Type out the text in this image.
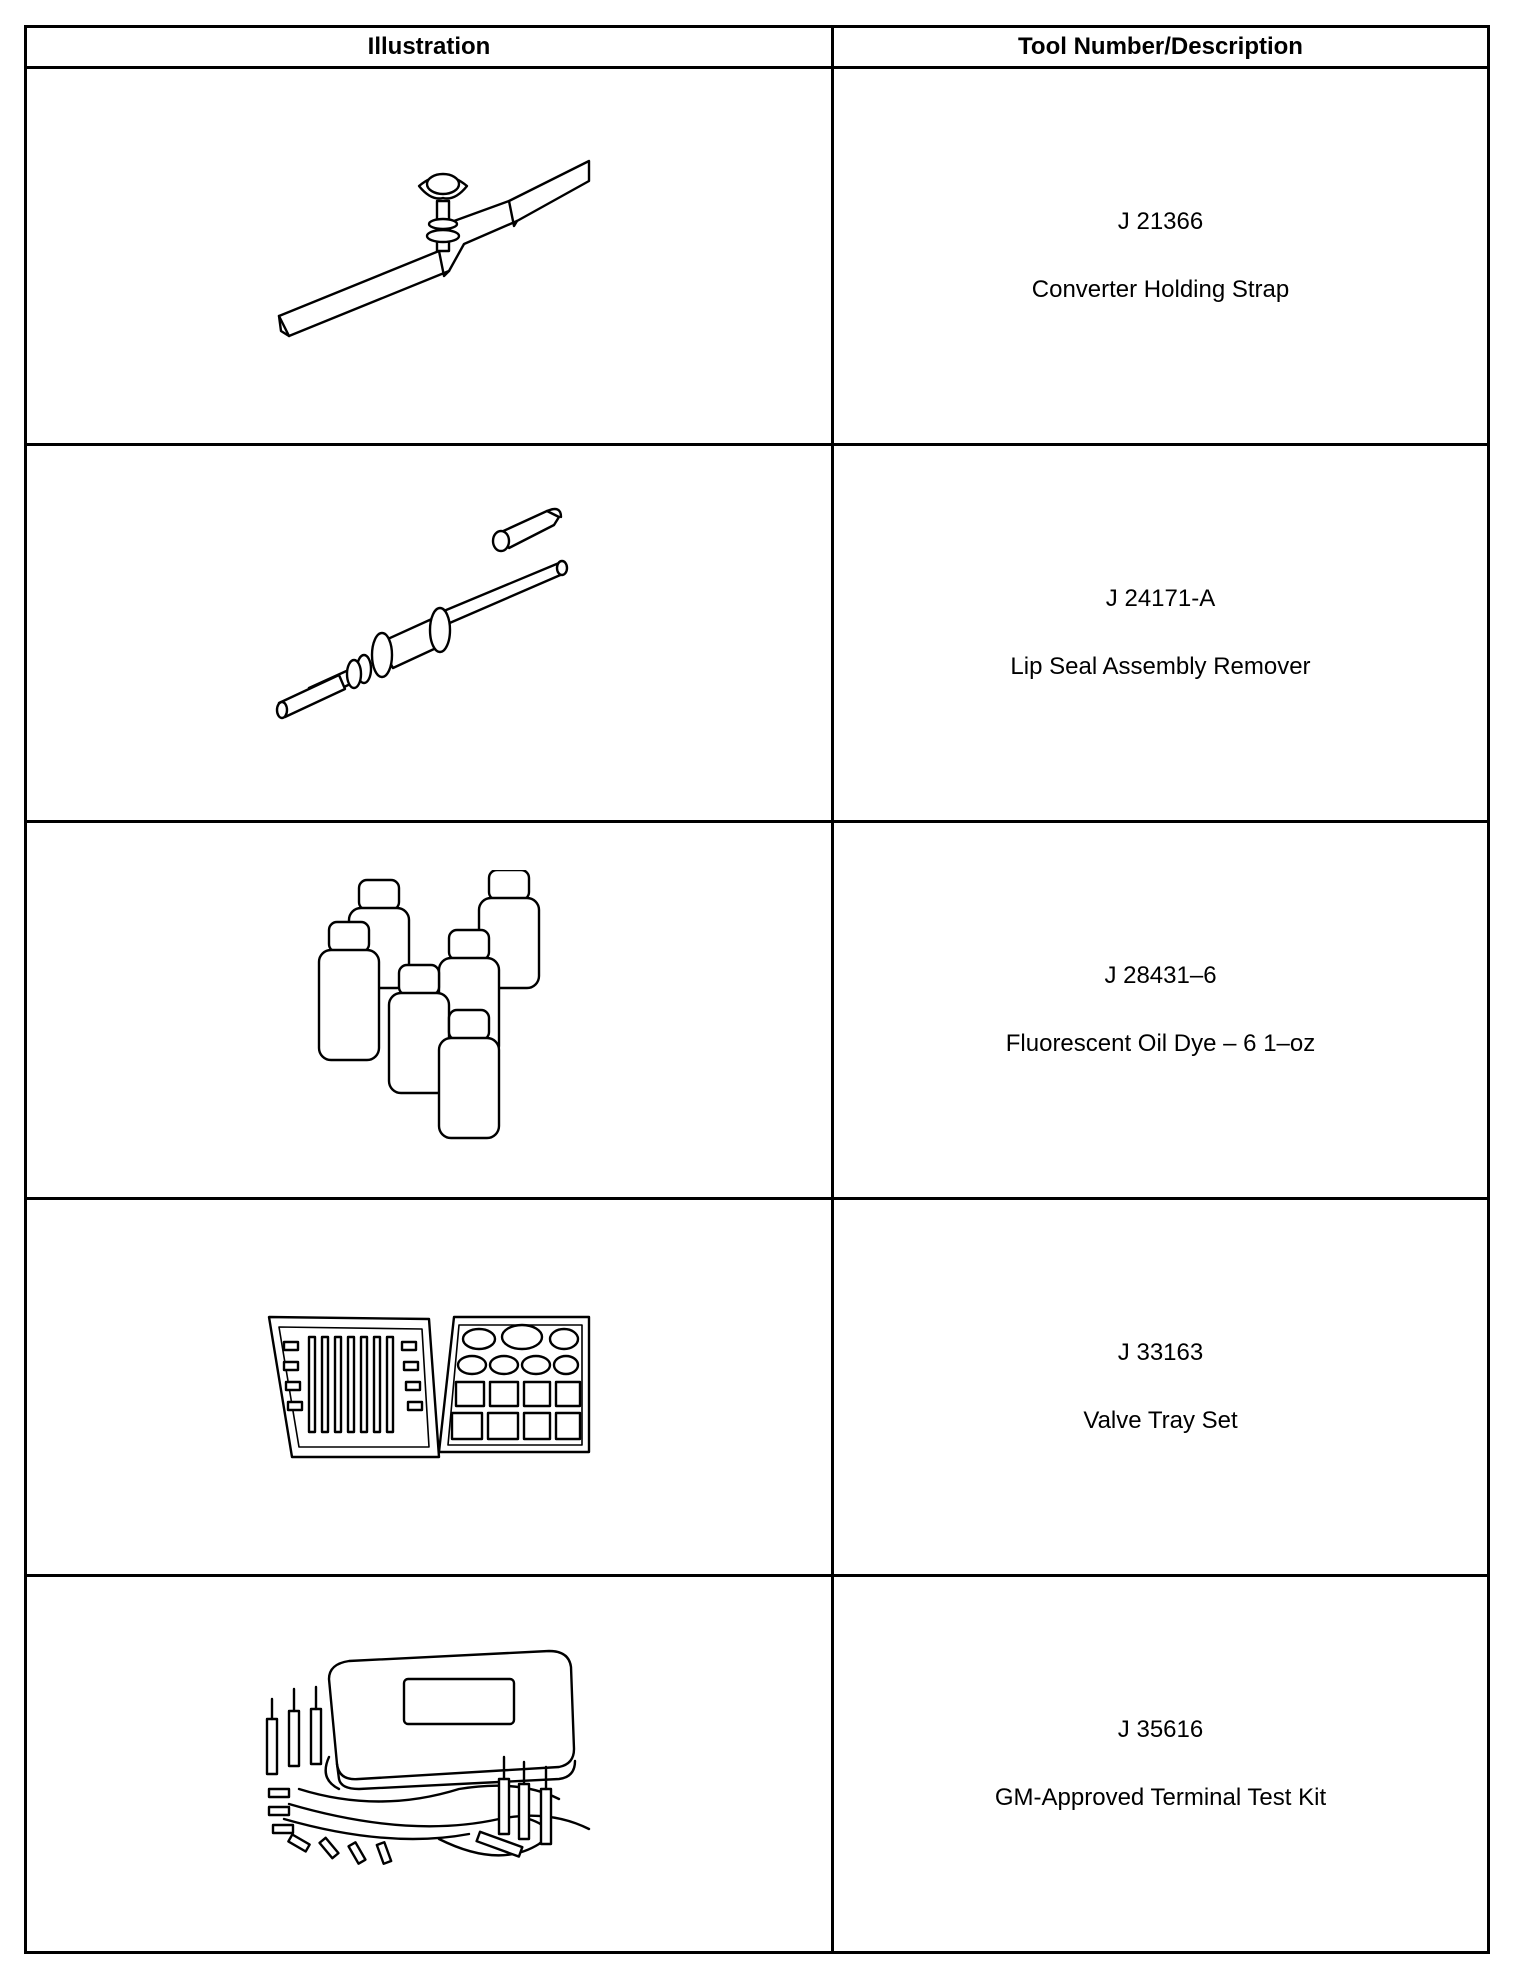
Illustration	Tool Number/Description

J 21366
Converter Holding Strap

J 24171-A
Lip Seal Assembly Remover

J 28431–6
Fluorescent Oil Dye – 6 1–oz

J 33163
Valve Tray Set

J 35616
GM-Approved Terminal Test Kit
